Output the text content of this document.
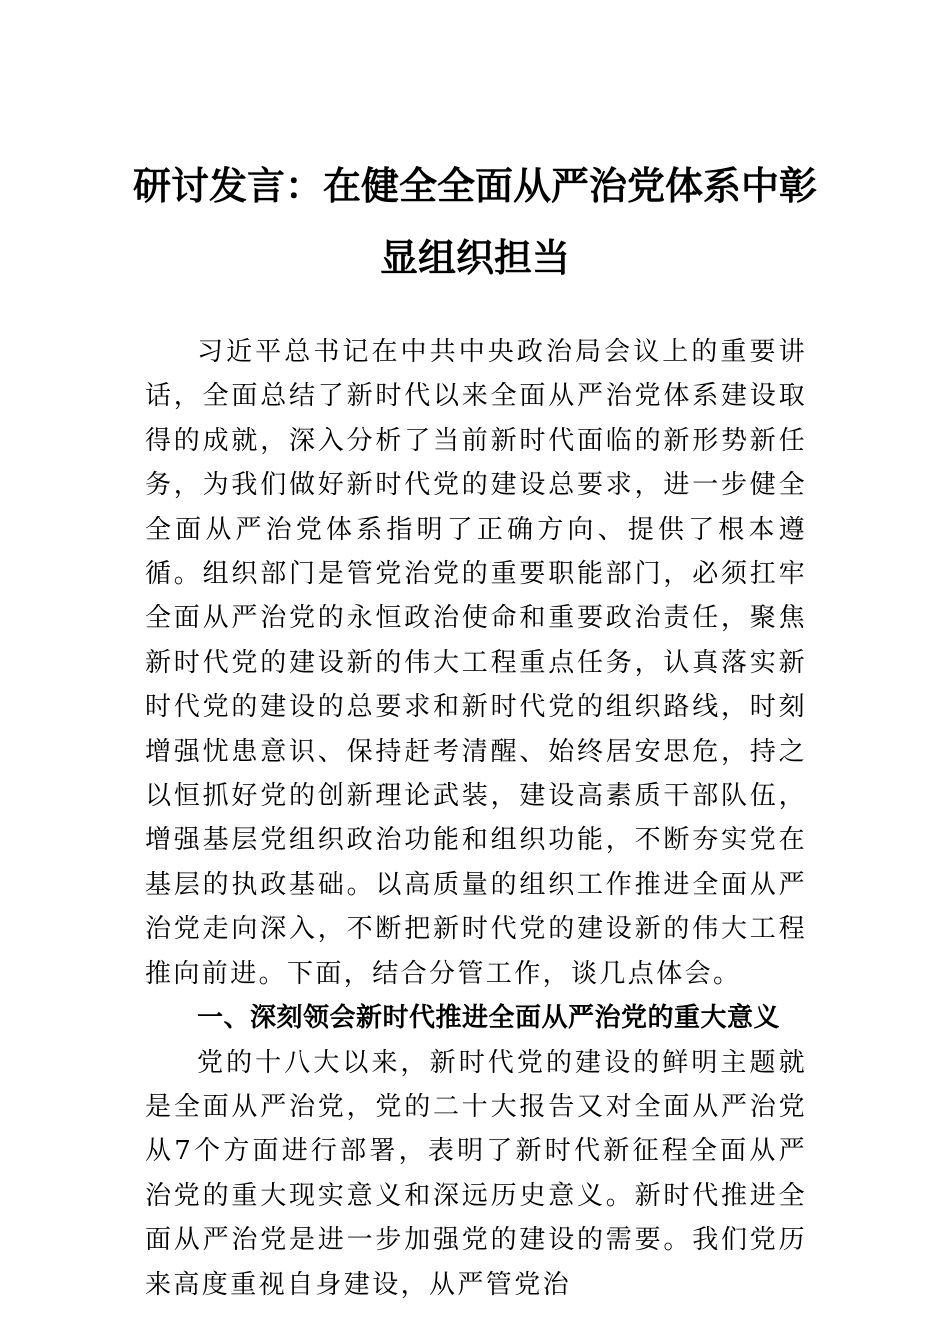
研讨发言：在健全全面从严治党体系中彰
显组织担当

习近平总书记在中共中央政治局会议上的重要讲话，全面总结了新时代以来全面从严治党体系建设取得的成就，深入分析了当前新时代面临的新形势新任务，为我们做好新时代党的建设总要求，进一步健全全面从严治党体系指明了正确方向、提供了根本遵循。组织部门是管党治党的重要职能部门，必须扛牢全面从严治党的永恒政治使命和重要政治责任，聚焦新时代党的建设新的伟大工程重点任务，认真落实新时代党的建设的总要求和新时代党的组织路线，时刻增强忧患意识、保持赶考清醒、始终居安思危，持之以恒抓好党的创新理论武装，建设高素质干部队伍，增强基层党组织政治功能和组织功能，不断夯实党在基层的执政基础。以高质量的组织工作推进全面从严治党走向深入，不断把新时代党的建设新的伟大工程推向前进。下面，结合分管工作，谈几点体会。

一、深刻领会新时代推进全面从严治党的重大意义

党的十八大以来，新时代党的建设的鲜明主题就是全面从严治党，党的二十大报告又对全面从严治党从7个方面进行部署，表明了新时代新征程全面从严治党的重大现实意义和深远历史意义。新时代推进全面从严治党是进一步加强党的建设的需要。我们党历来高度重视自身建设，从严管党治
